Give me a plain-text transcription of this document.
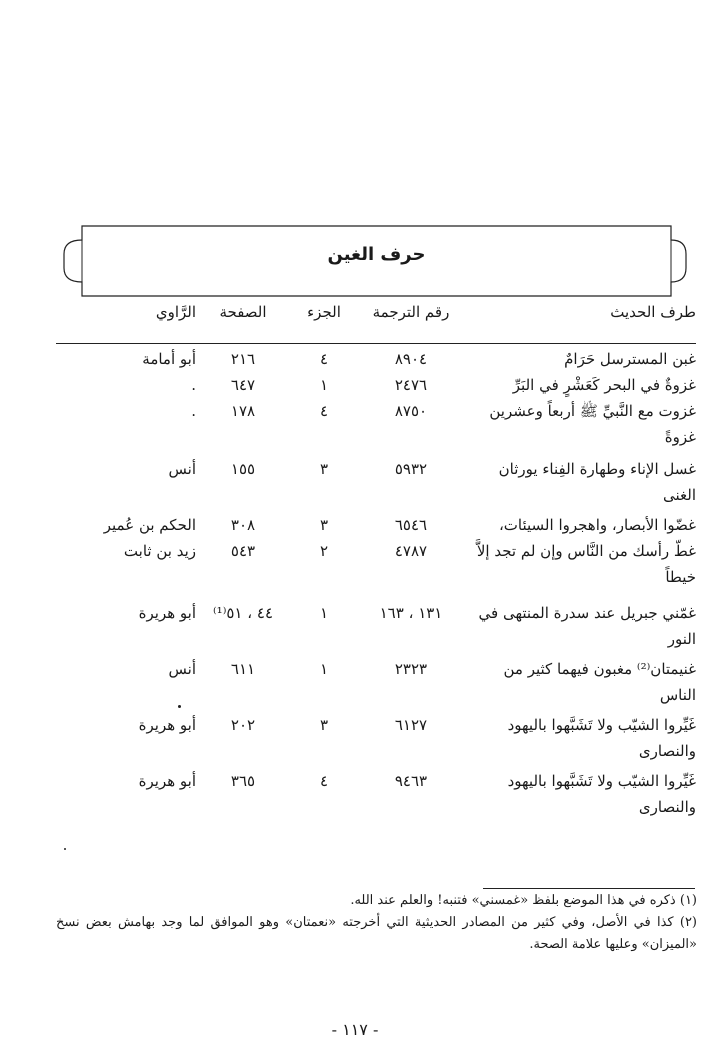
حرف الغين
طرف الحديث
رقم الترجمة
الجزء
الصفحة
الرَّاوي
غبن المسترسل حَرَامٌ
٨٩٠٤
٤
٢١٦
أبو أمامة
غزوةٌ في البحر كَعَشْرٍ في البَرِّ
٢٤٧٦
١
٦٤٧
.
غزوت مع النَّبيِّ ﷺ أربعاً وعشرين غزوةً
٨٧٥٠
٤
١٧٨
.
غسل الإناء وطهارة الفِناء يورثان الغنى
٥٩٣٢
٣
١٥٥
أنس
غضّوا الأبصار، واهجروا السيئات،
٦٥٤٦
٣
٣٠٨
الحكم بن عُمير
غطّ رأسك من النَّاس وإن لم تجد إلاَّ خيطاً
٤٧٨٧
٢
٥٤٣
زيد بن ثابت
غمّني جبريل عند سدرة المنتهى في النور
١٣١ ، ١٦٣
١
٤٤ ، ٥١⁽¹⁾
أبو هريرة
غنيمتان⁽²⁾ مغبون فيهما كثير من الناس
٢٣٢٣
١
٦١١
أنس
غَيِّروا الشيّب ولا تَشَبَّهوا باليهود والنصارى
٦١٢٧
٣
٢٠٢
أبو هريرة
غَيِّروا الشيّب ولا تَشَبَّهوا باليهود والنصارى
٩٤٦٣
٤
٣٦٥
أبو هريرة

(١) ذكره في هذا الموضع بلفظ «غمسني» فتنبه! والعلم عند الله.

(٢) كذا في الأصل، وفي كثير من المصادر الحديثية التي أخرجته «نعمتان» وهو الموافق لما وجد بهامش بعض نسخ «الميزان» وعليها علامة الصحة.

- ١١٧ -
